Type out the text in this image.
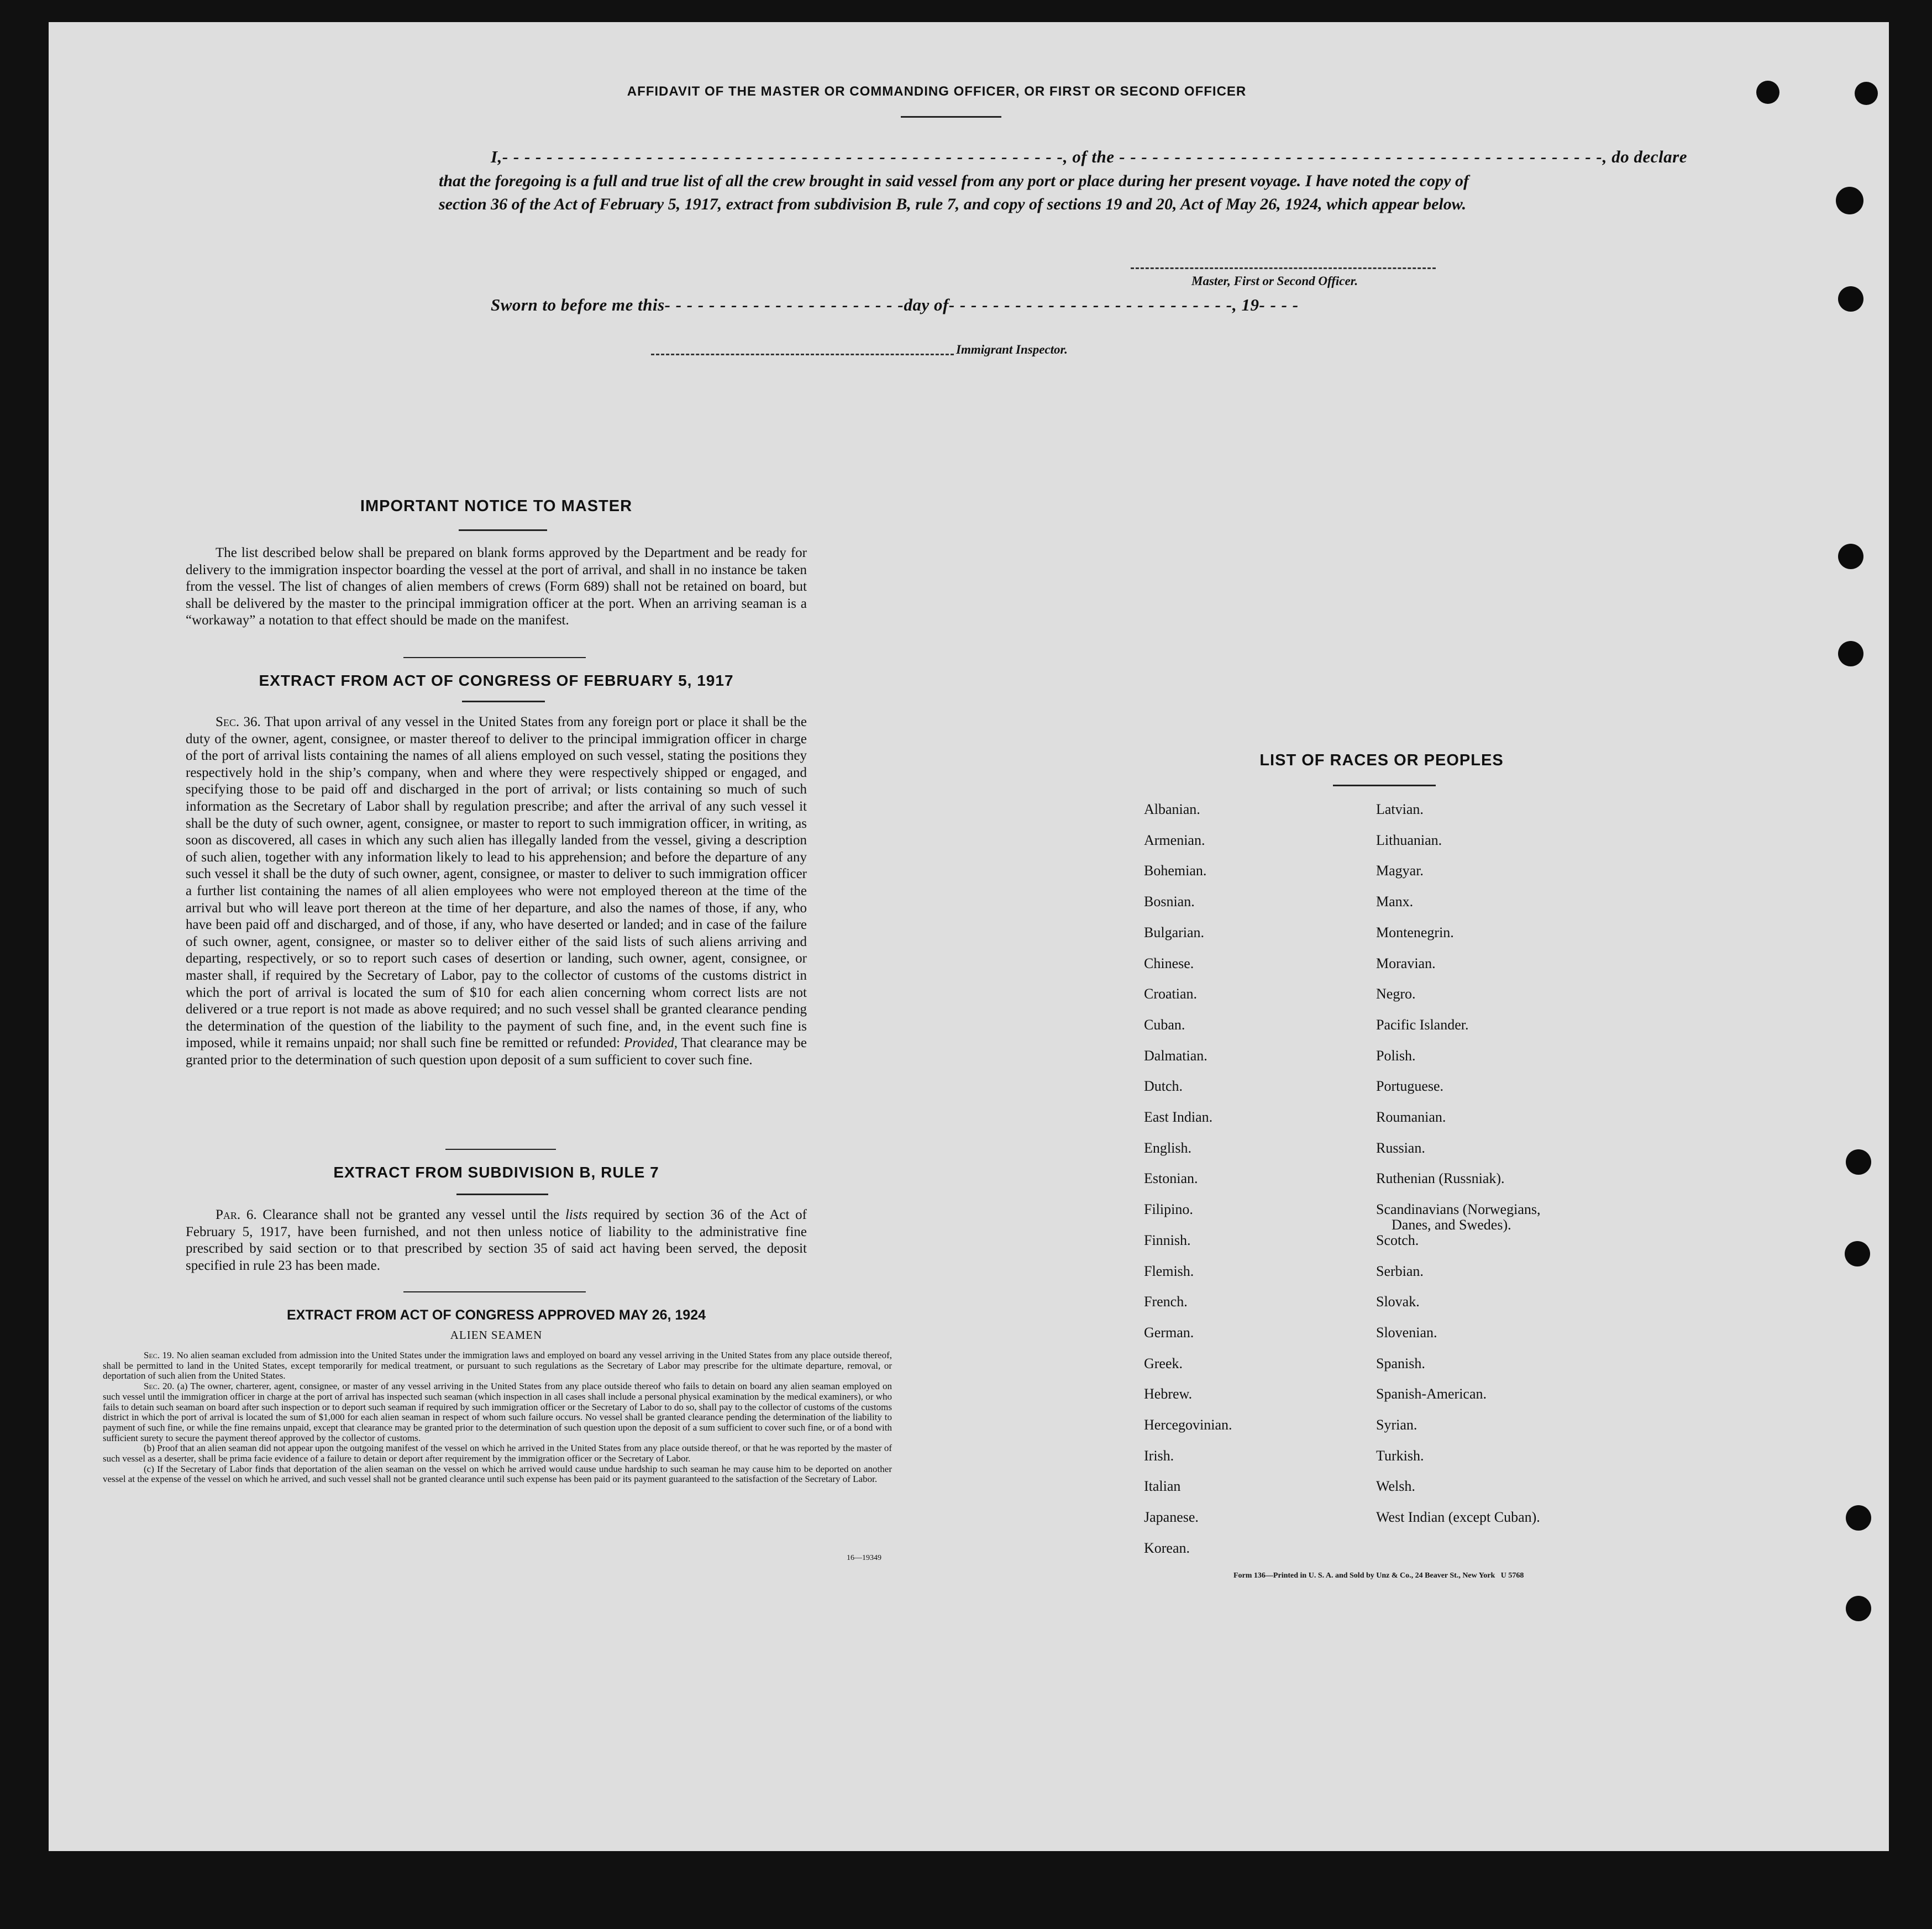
AFFIDAVIT OF THE MASTER OR COMMANDING OFFICER, OR FIRST OR SECOND OFFICER
I,- - - - - - - - - - - - - - - - - - - - - - - - - - - - - - - - - - - - - - - - - - - - - - - - - - -, of the - - - - - - - - - - - - - - - - - - - - - - - - - - - - - - - - - - - - - - - - - - - -, do declare
that the foregoing is a full and true list of all the crew brought in said vessel from any port or place during her present voyage. I have noted the copy of section 36 of the Act of February 5, 1917, extract from subdivision B, rule 7, and copy of sections 19 and 20, Act of May 26, 1924, which appear below.
Master, First or Second Officer.
Sworn to before me this- - - - - - - - - - - - - - - - - - - - - -day of- - - - - - - - - - - - - - - - - - - - - - - - - -, 19- - - -
Immigrant Inspector.
IMPORTANT NOTICE TO MASTER
The list described below shall be prepared on blank forms approved by the Department and be ready for delivery to the immigration inspector boarding the vessel at the port of arrival, and shall in no instance be taken from the vessel. The list of changes of alien members of crews (Form 689) shall not be retained on board, but shall be delivered by the master to the principal immigration officer at the port. When an arriving seaman is a “workaway” a notation to that effect should be made on the manifest.
EXTRACT FROM ACT OF CONGRESS OF FEBRUARY 5, 1917
Sec. 36. That upon arrival of any vessel in the United States from any foreign port or place it shall be the duty of the owner, agent, consignee, or master thereof to deliver to the principal immigration officer in charge of the port of arrival lists containing the names of all aliens employed on such vessel, stating the positions they respectively hold in the ship’s company, when and where they were respectively shipped or engaged, and specifying those to be paid off and discharged in the port of arrival; or lists containing so much of such information as the Secretary of Labor shall by regulation prescribe; and after the arrival of any such vessel it shall be the duty of such owner, agent, consignee, or master to report to such immigration officer, in writing, as soon as discovered, all cases in which any such alien has illegally landed from the vessel, giving a description of such alien, together with any information likely to lead to his apprehension; and before the departure of any such vessel it shall be the duty of such owner, agent, consignee, or master to deliver to such immigration officer a further list containing the names of all alien employees who were not employed thereon at the time of the arrival but who will leave port thereon at the time of her departure, and also the names of those, if any, who have been paid off and discharged, and of those, if any, who have deserted or landed; and in case of the failure of such owner, agent, consignee, or master so to deliver either of the said lists of such aliens arriving and departing, respectively, or so to report such cases of desertion or landing, such owner, agent, consignee, or master shall, if required by the Secretary of Labor, pay to the collector of customs of the customs district in which the port of arrival is located the sum of $10 for each alien concerning whom correct lists are not delivered or a true report is not made as above required; and no such vessel shall be granted clearance pending the determination of the question of the liability to the payment of such fine, and, in the event such fine is imposed, while it remains unpaid; nor shall such fine be remitted or refunded: Provided, That clearance may be granted prior to the determination of such question upon deposit of a sum sufficient to cover such fine.
EXTRACT FROM SUBDIVISION B, RULE 7
Par. 6. Clearance shall not be granted any vessel until the lists required by section 36 of the Act of February 5, 1917, have been furnished, and not then unless notice of liability to the administrative fine prescribed by said section or to that prescribed by section 35 of said act having been served, the deposit specified in rule 23 has been made.
EXTRACT FROM ACT OF CONGRESS APPROVED MAY 26, 1924
ALIEN SEAMEN
Sec. 19. No alien seaman excluded from admission into the United States under the immigration laws and employed on board any vessel arriving in the United States from any place outside thereof, shall be permitted to land in the United States, except temporarily for medical treatment, or pursuant to such regulations as the Secretary of Labor may prescribe for the ultimate departure, removal, or deportation of such alien from the United States.
Sec. 20. (a) The owner, charterer, agent, consignee, or master of any vessel arriving in the United States from any place outside thereof who fails to detain on board any alien seaman employed on such vessel until the immigration officer in charge at the port of arrival has inspected such seaman (which inspection in all cases shall include a personal physical examination by the medical examiners), or who fails to detain such seaman on board after such inspection or to deport such seaman if required by such immigration officer or the Secretary of Labor to do so, shall pay to the collector of customs of the customs district in which the port of arrival is located the sum of $1,000 for each alien seaman in respect of whom such failure occurs. No vessel shall be granted clearance pending the determination of the liability to payment of such fine, or while the fine remains unpaid, except that clearance may be granted prior to the determination of such question upon the deposit of a sum sufficient to cover such fine, or of a bond with sufficient surety to secure the payment thereof approved by the collector of customs.
(b) Proof that an alien seaman did not appear upon the outgoing manifest of the vessel on which he arrived in the United States from any place outside thereof, or that he was reported by the master of such vessel as a deserter, shall be prima facie evidence of a failure to detain or deport after requirement by the immigration officer or the Secretary of Labor.
(c) If the Secretary of Labor finds that deportation of the alien seaman on the vessel on which he arrived would cause undue hardship to such seaman he may cause him to be deported on another vessel at the expense of the vessel on which he arrived, and such vessel shall not be granted clearance until such expense has been paid or its payment guaranteed to the satisfaction of the Secretary of Labor.
16—19349
LIST OF RACES OR PEOPLES
Albanian.
Armenian.
Bohemian.
Bosnian.
Bulgarian.
Chinese.
Croatian.
Cuban.
Dalmatian.
Dutch.
East Indian.
English.
Estonian.
Filipino.
Finnish.
Flemish.
French.
German.
Greek.
Hebrew.
Hercegovinian.
Irish.
Italian
Japanese.
Korean.
Latvian.
Lithuanian.
Magyar.
Manx.
Montenegrin.
Moravian.
Negro.
Pacific Islander.
Polish.
Portuguese.
Roumanian.
Russian.
Ruthenian (Russniak).
Scandinavians (Norwegians,
Danes, and Swedes).
Scotch.
Serbian.
Slovak.
Slovenian.
Spanish.
Spanish-American.
Syrian.
Turkish.
Welsh.
West Indian (except Cuban).
Form 136—Printed in U. S. A. and Sold by Unz & Co., 24 Beaver St., New York   U 5768
